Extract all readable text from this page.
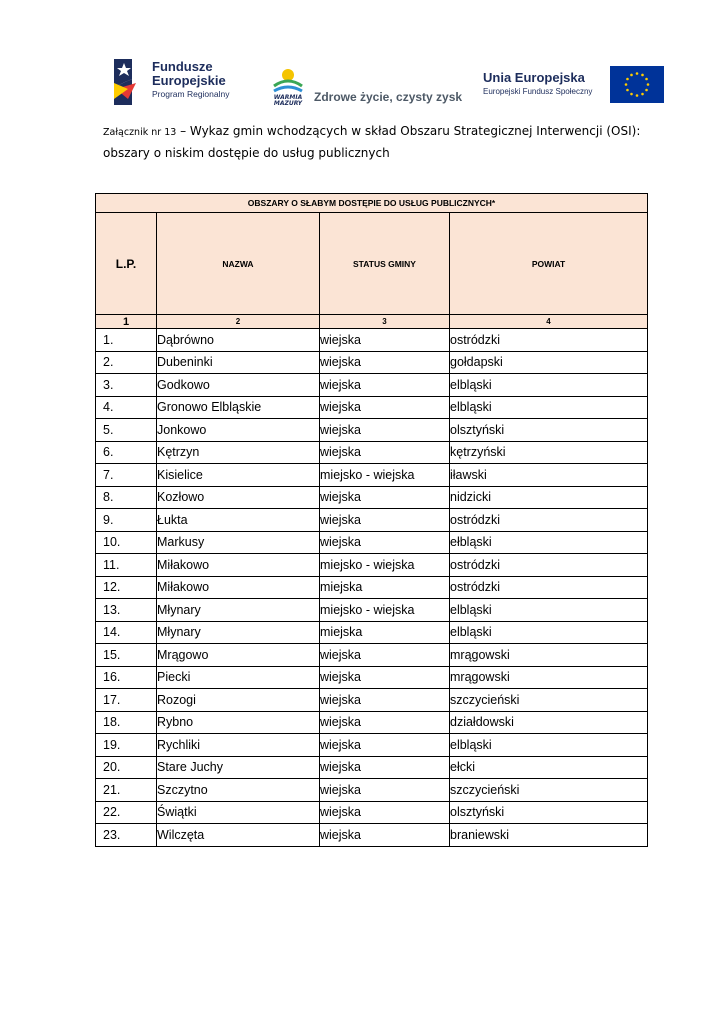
Fundusze
Europejskie
Program Regionalny	WARMIA
MAZURY Zdrowe życie, czysty zysk
Unia Europejska
Europejski Fundusz Społeczny
Załącznik nr 13 – Wykaz gmin wchodzących w skład Obszaru Strategicznej Interwencji (OSI): obszary o niskim dostępie do usług publicznych
OBSZARY O SŁABYM DOSTĘPIE DO USŁUG PUBLICZNYCH*			
L.P.	NAZWA	STATUS GMINY	POWIAT
1	2	3	4
1.	Dąbrówno	wiejska	ostródzki
2.	Dubeninki	wiejska	gołdapski
3.	Godkowo	wiejska	elbląski
4.	Gronowo Elbląskie	wiejska	elbląski
5.	Jonkowo	wiejska	olsztyński
6.	Kętrzyn	wiejska	kętrzyński
7.	Kisielice	miejsko - wiejska	iławski
8.	Kozłowo	wiejska	nidzicki
9.	Łukta	wiejska	ostródzki
10.	Markusy	wiejska	ełbląski
11.	Miłakowo	miejsko - wiejska	ostródzki
12.	Miłakowo	miejska	ostródzki
13.	Młynary	miejsko - wiejska	elbląski
14.	Młynary	miejska	elbląski
15.	Mrągowo	wiejska	mrągowski
16.	Piecki	wiejska	mrągowski
17.	Rozogi	wiejska	szczycieński
18.	Rybno	wiejska	działdowski
19.	Rychliki	wiejska	elbląski
20.	Stare Juchy	wiejska	ełcki
21.	Szczytno	wiejska	szczycieński
22.	Świątki	wiejska	olsztyński
23.	Wilczęta	wiejska	braniewski
